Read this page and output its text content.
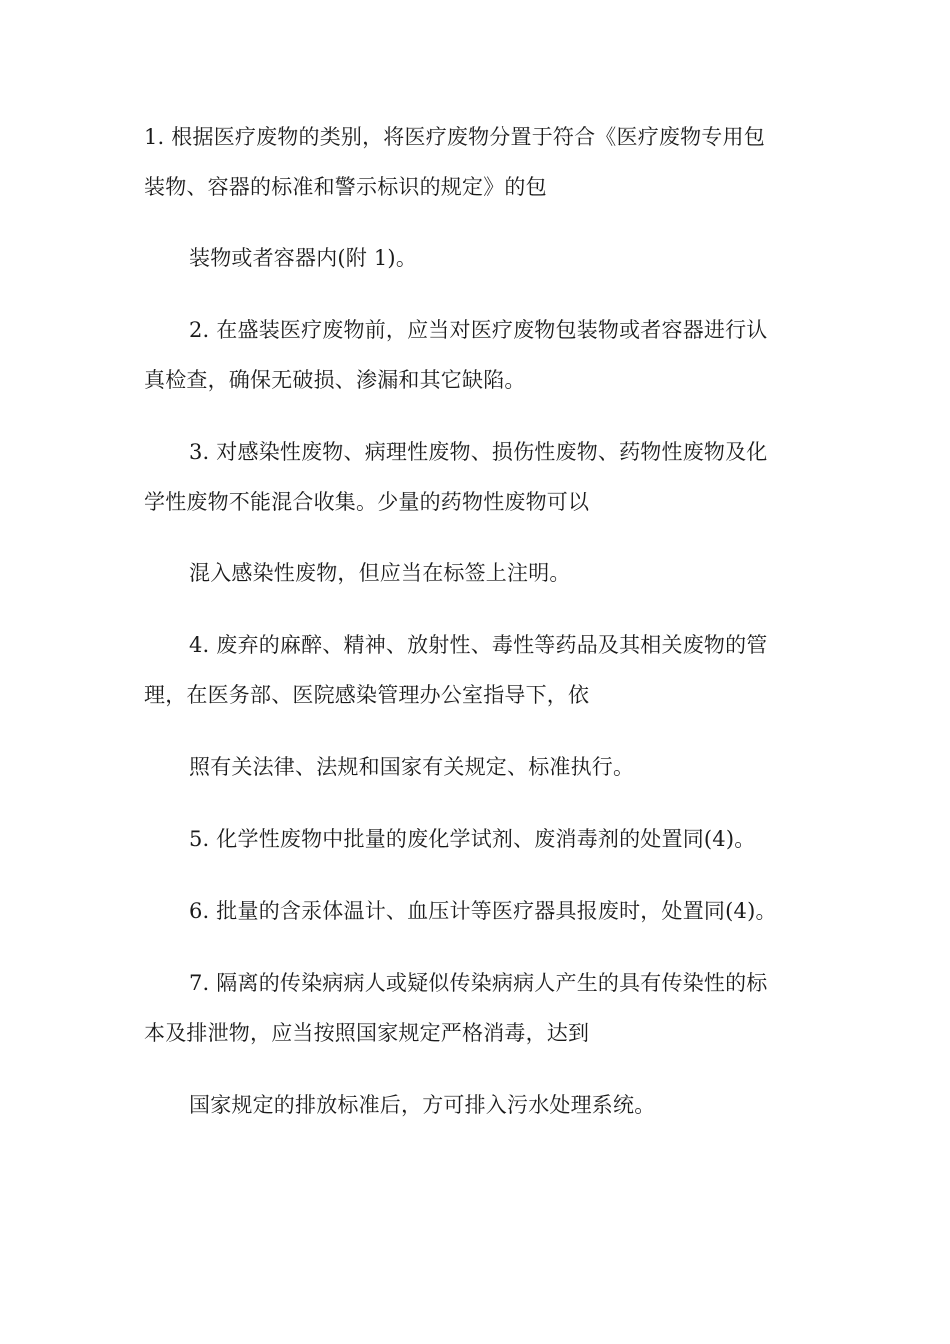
1. 根据医疗废物的类别，将医疗废物分置于符合《医疗废物专用包
装物、容器的标准和警示标识的规定》的包
装物或者容器内(附 1)。
2. 在盛装医疗废物前，应当对医疗废物包装物或者容器进行认
真检查，确保无破损、渗漏和其它缺陷。
3. 对感染性废物、病理性废物、损伤性废物、药物性废物及化
学性废物不能混合收集。少量的药物性废物可以
混入感染性废物，但应当在标签上注明。
4. 废弃的麻醉、精神、放射性、毒性等药品及其相关废物的管
理，在医务部、医院感染管理办公室指导下，依
照有关法律、法规和国家有关规定、标准执行。
5. 化学性废物中批量的废化学试剂、废消毒剂的处置同(4)。
6. 批量的含汞体温计、血压计等医疗器具报废时，处置同(4)。
7. 隔离的传染病病人或疑似传染病病人产生的具有传染性的标
本及排泄物，应当按照国家规定严格消毒，达到
国家规定的排放标准后，方可排入污水处理系统。
